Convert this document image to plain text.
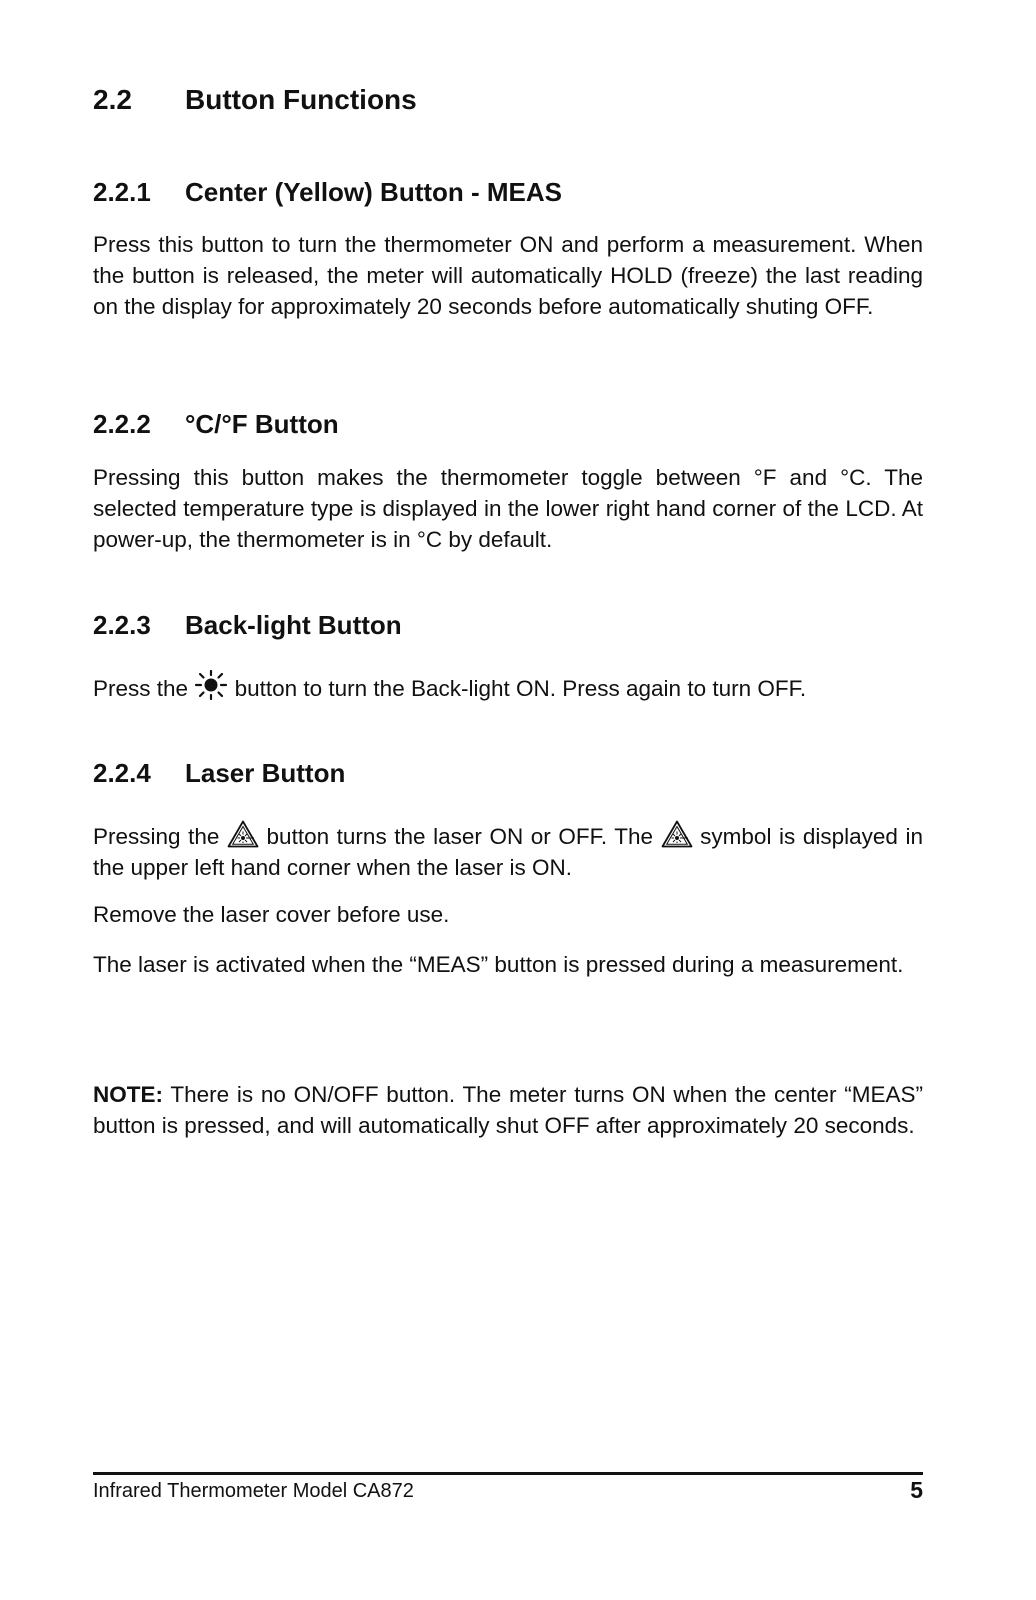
2.2 Button Functions
2.2.1 Center (Yellow) Button - MEAS

Press this button to turn the thermometer ON and perform a measurement. When the button is released, the meter will automatically HOLD (freeze) the last reading on the display for approximately 20 seconds before automatically shuting OFF.

2.2.2 °C/°F Button

Pressing this button makes the thermometer toggle between °F and °C. The selected temperature type is displayed in the lower right hand corner of the LCD. At power-up, the thermometer is in °C by default.

2.2.3 Back-light Button

Press the button to turn the Back-light ON. Press again to turn OFF.

2.2.4 Laser Button

Pressing the button turns the laser ON or OFF. The symbol is displayed in the upper left hand corner when the laser is ON.

Remove the laser cover before use.

The laser is activated when the “MEAS” button is pressed during a measurement.

NOTE: There is no ON/OFF button. The meter turns ON when the center “MEAS” button is pressed, and will automatically shut OFF after approximately 20 seconds.

Infrared Thermometer Model CA872	5
